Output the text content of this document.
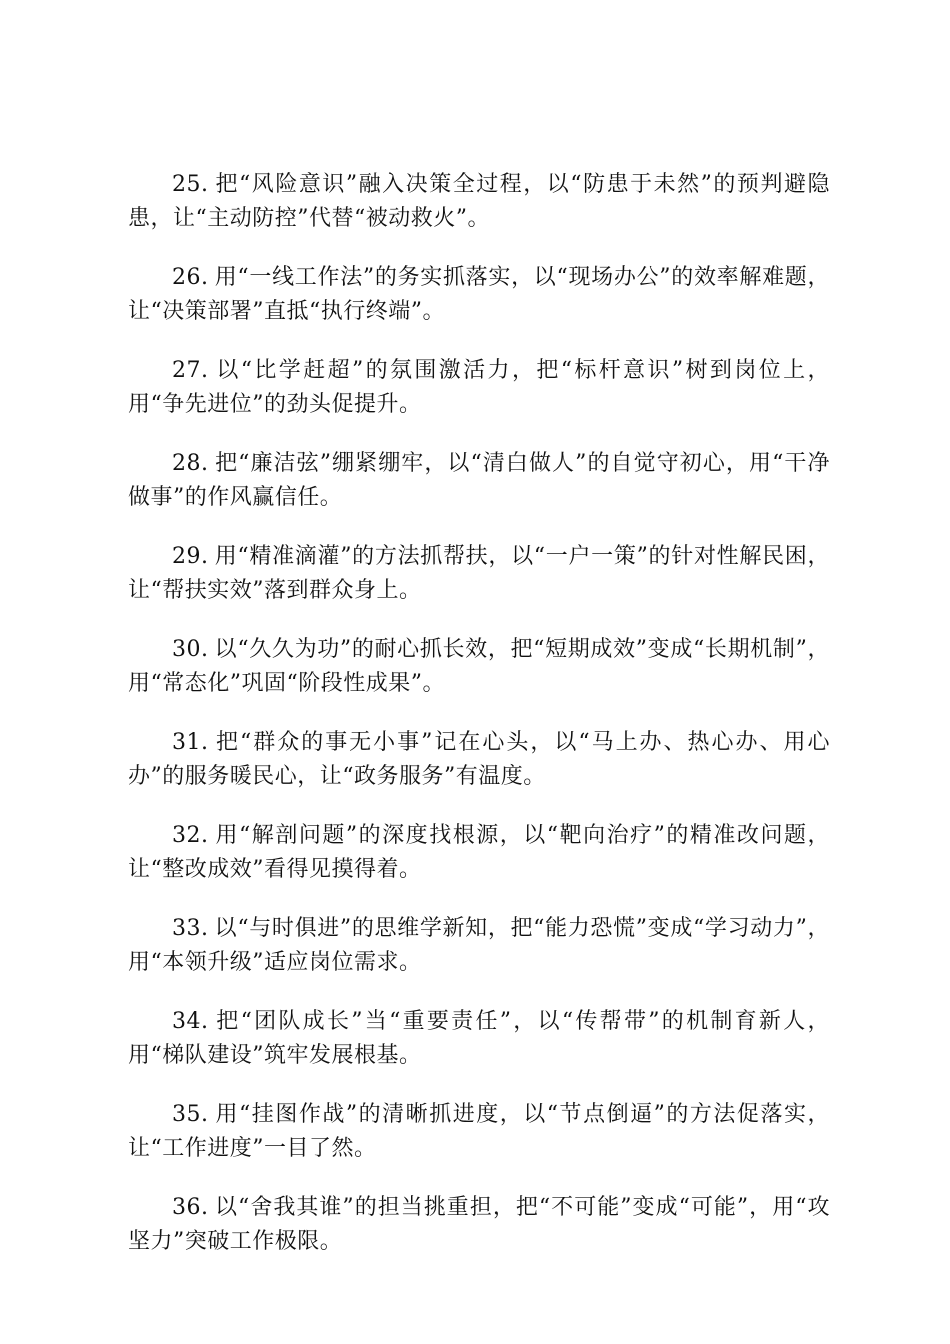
25. 把“风险意识”融入决策全过程，以“防患于未然”的预判避隐患，让“主动防控”代替“被动救火”。

26. 用“一线工作法”的务实抓落实，以“现场办公”的效率解难题，让“决策部署”直抵“执行终端”。

27. 以“比学赶超”的氛围激活力，把“标杆意识”树到岗位上，用“争先进位”的劲头促提升。

28. 把“廉洁弦”绷紧绷牢，以“清白做人”的自觉守初心，用“干净做事”的作风赢信任。

29. 用“精准滴灌”的方法抓帮扶，以“一户一策”的针对性解民困，让“帮扶实效”落到群众身上。

30. 以“久久为功”的耐心抓长效，把“短期成效”变成“长期机制”，用“常态化”巩固“阶段性成果”。

31. 把“群众的事无小事”记在心头，以“马上办、热心办、用心办”的服务暖民心，让“政务服务”有温度。

32. 用“解剖问题”的深度找根源，以“靶向治疗”的精准改问题，让“整改成效”看得见摸得着。

33. 以“与时俱进”的思维学新知，把“能力恐慌”变成“学习动力”，用“本领升级”适应岗位需求。

34. 把“团队成长”当“重要责任”，以“传帮带”的机制育新人，用“梯队建设”筑牢发展根基。

35. 用“挂图作战”的清晰抓进度，以“节点倒逼”的方法促落实，让“工作进度”一目了然。

36. 以“舍我其谁”的担当挑重担，把“不可能”变成“可能”，用“攻坚力”突破工作极限。
